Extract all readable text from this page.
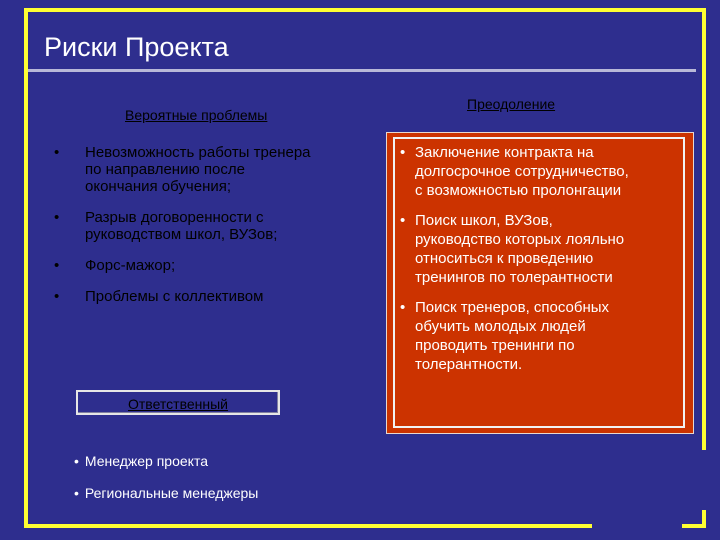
Риски Проекта
Вероятные проблемы
Преодоление
• Невозможность работы тренера
по направлению после
окончания обучения;
• Разрыв договоренности с
руководством школ, ВУЗов;
• Форс-мажор;
• Проблемы с коллективом
• Заключение контракта на
долгосрочное сотрудничество,
с возможностью пролонгации
• Поиск школ, ВУЗов,
руководство которых лояльно
относиться к проведению
тренингов по толерантности
• Поиск тренеров, способных
обучить молодых людей
проводить тренинги по
толерантности.
Ответственный
• Менеджер проекта
• Региональные менеджеры
